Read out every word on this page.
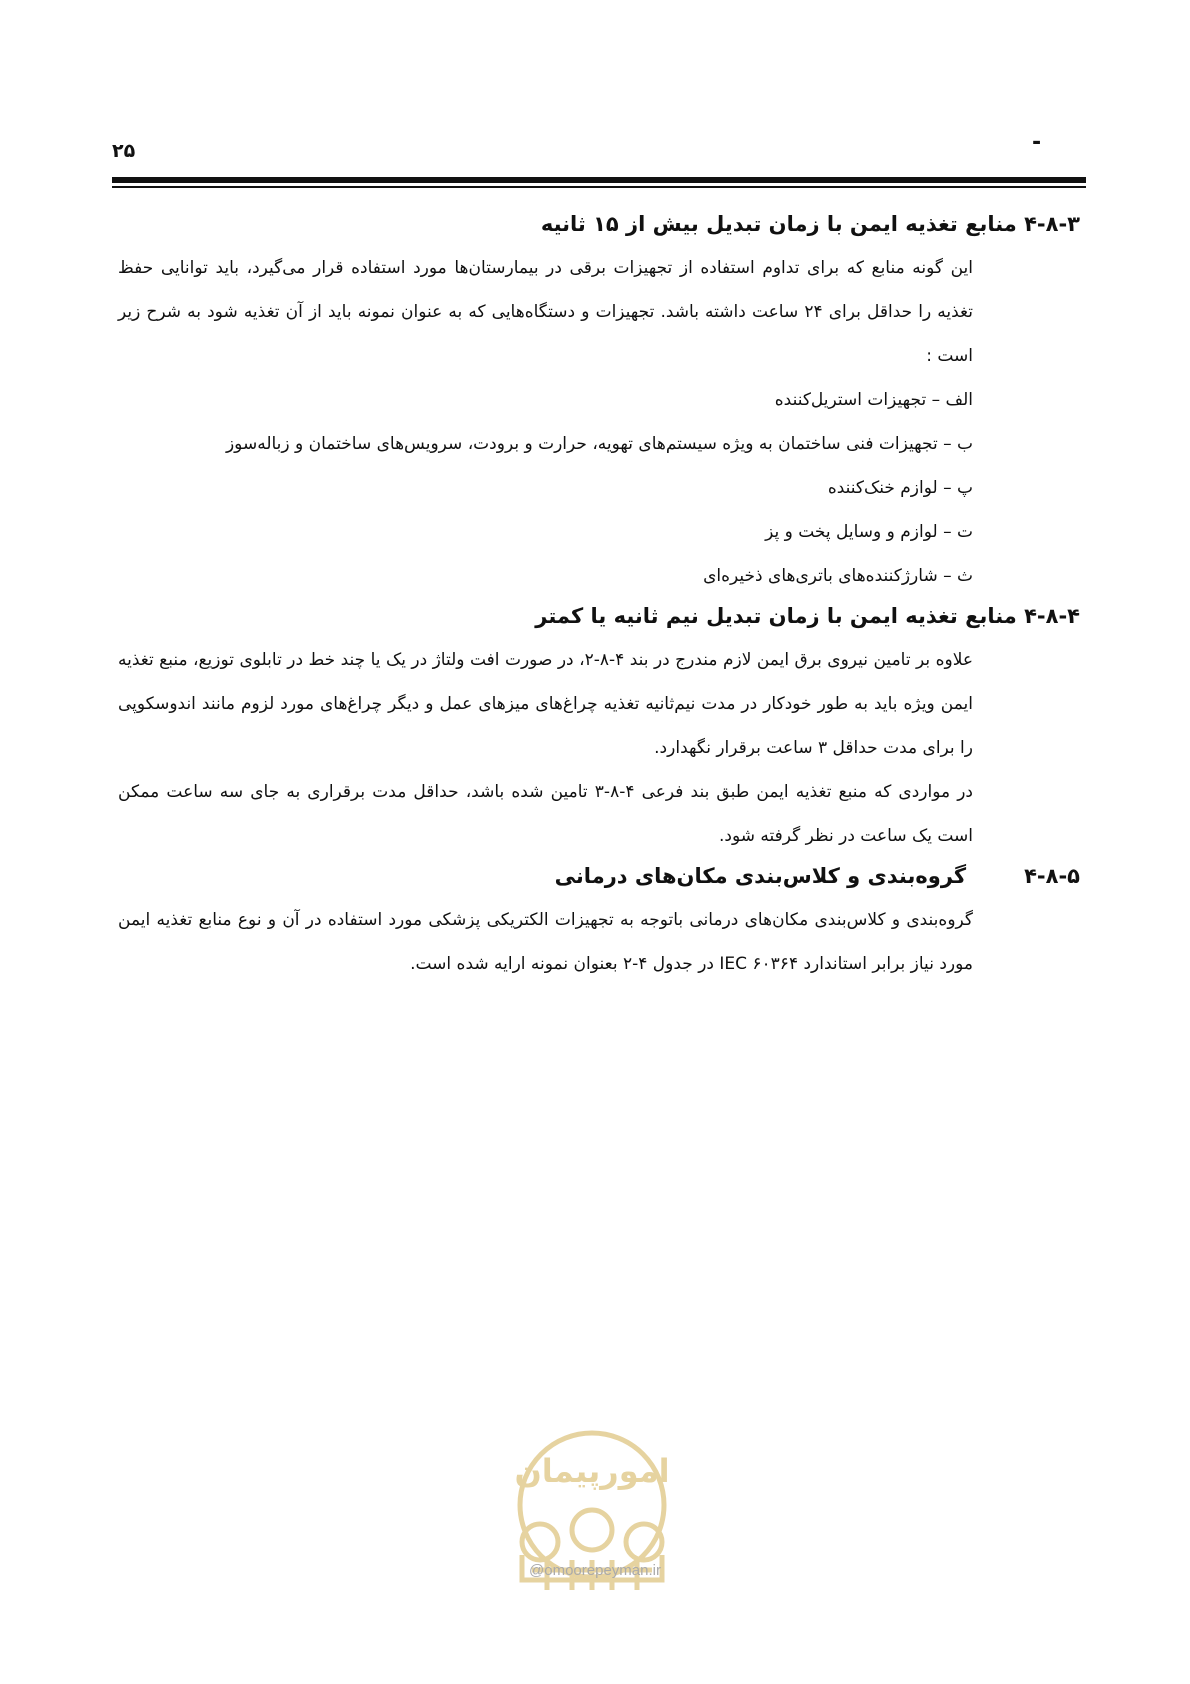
۲۵	-
۴-۸-۳ منابع تغذیه ایمن با زمان تبدیل بیش از ۱۵ ثانیه

این گونه منابع که برای تداوم استفاده از تجهیزات برقی در بیمارستان‌ها مورد استفاده قرار می‌گیرد، باید توانایی حفظ تغذیه را حداقل برای ۲۴ ساعت داشته باشد. تجهیزات و دستگاه‌هایی که به عنوان نمونه باید از آن تغذیه شود به شرح زیر است :

الف – تجهیزات استریل‌کننده

ب – تجهیزات فنی ساختمان به ویژه سیستم‌های تهویه، حرارت و برودت، سرویس‌های ساختمان و زباله‌سوز

پ – لوازم خنک‌کننده

ت – لوازم و وسایل پخت و پز

ث – شارژکننده‌های باتری‌های ذخیره‌ای

۴-۸-۴ منابع تغذیه ایمن با زمان تبدیل نیم ثانیه یا کمتر

علاوه بر تامین نیروی برق ایمن لازم مندرج در بند ۴-۸-۲، در صورت افت ولتاژ در یک یا چند خط در تابلوی توزیع، منبع تغذیه ایمن ویژه باید به طور خودکار در مدت نیم‌ثانیه تغذیه چراغ‌های میزهای عمل و دیگر چراغ‌های مورد لزوم مانند اندوسکوپی را برای مدت حداقل ۳ ساعت برقرار نگهدارد.

در مواردی که منبع تغذیه ایمن طبق بند فرعی ۴-۸-۳ تامین شده باشد، حداقل مدت برقراری به جای سه ساعت ممکن است یک ساعت در نظر گرفته شود.

۴-۸-۵
گروه‌بندی و کلاس‌بندی مکان‌های درمانی

گروه‌بندی و کلاس‌بندی مکان‌های درمانی باتوجه به تجهیزات الکتریکی پزشکی مورد استفاده در آن و نوع منابع تغذیه ایمن مورد نیاز برابر استاندارد IEC ۶۰۳۶۴ در جدول ۴-۲ بعنوان نمونه ارایه شده است.

امورپیمان
@omoorepeyman.ir
